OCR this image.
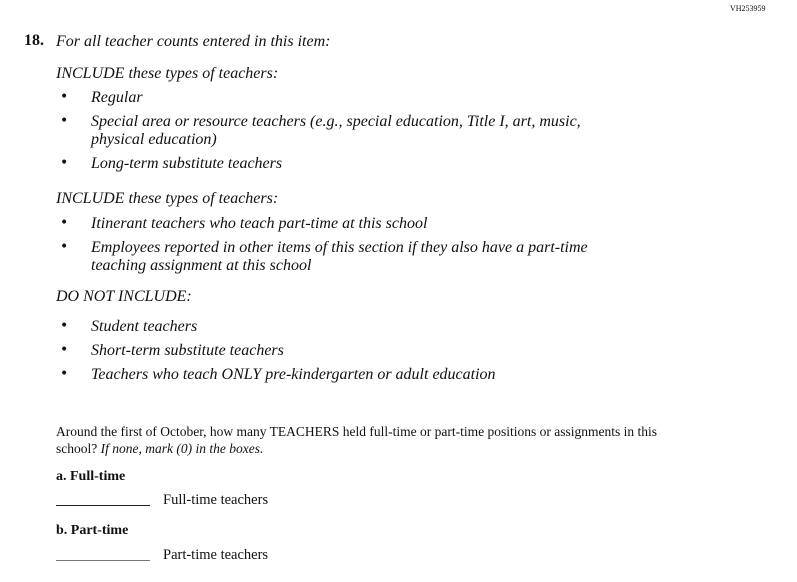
VH253959
18. For all teacher counts entered in this item:
INCLUDE these types of teachers:
• Regular
• Special area or resource teachers (e.g., special education, Title I, art, music,
physical education)
• Long-term substitute teachers
INCLUDE these types of teachers:
• Itinerant teachers who teach part-time at this school
• Employees reported in other items of this section if they also have a part-time
teaching assignment at this school
DO NOT INCLUDE:
• Student teachers
• Short-term substitute teachers
• Teachers who teach ONLY pre-kindergarten or adult education
Around the first of October, how many TEACHERS held full-time or part-time positions or assignments in this school? If none, mark (0) in the boxes.
a. Full-time
Full-time teachers
b. Part-time
Part-time teachers
